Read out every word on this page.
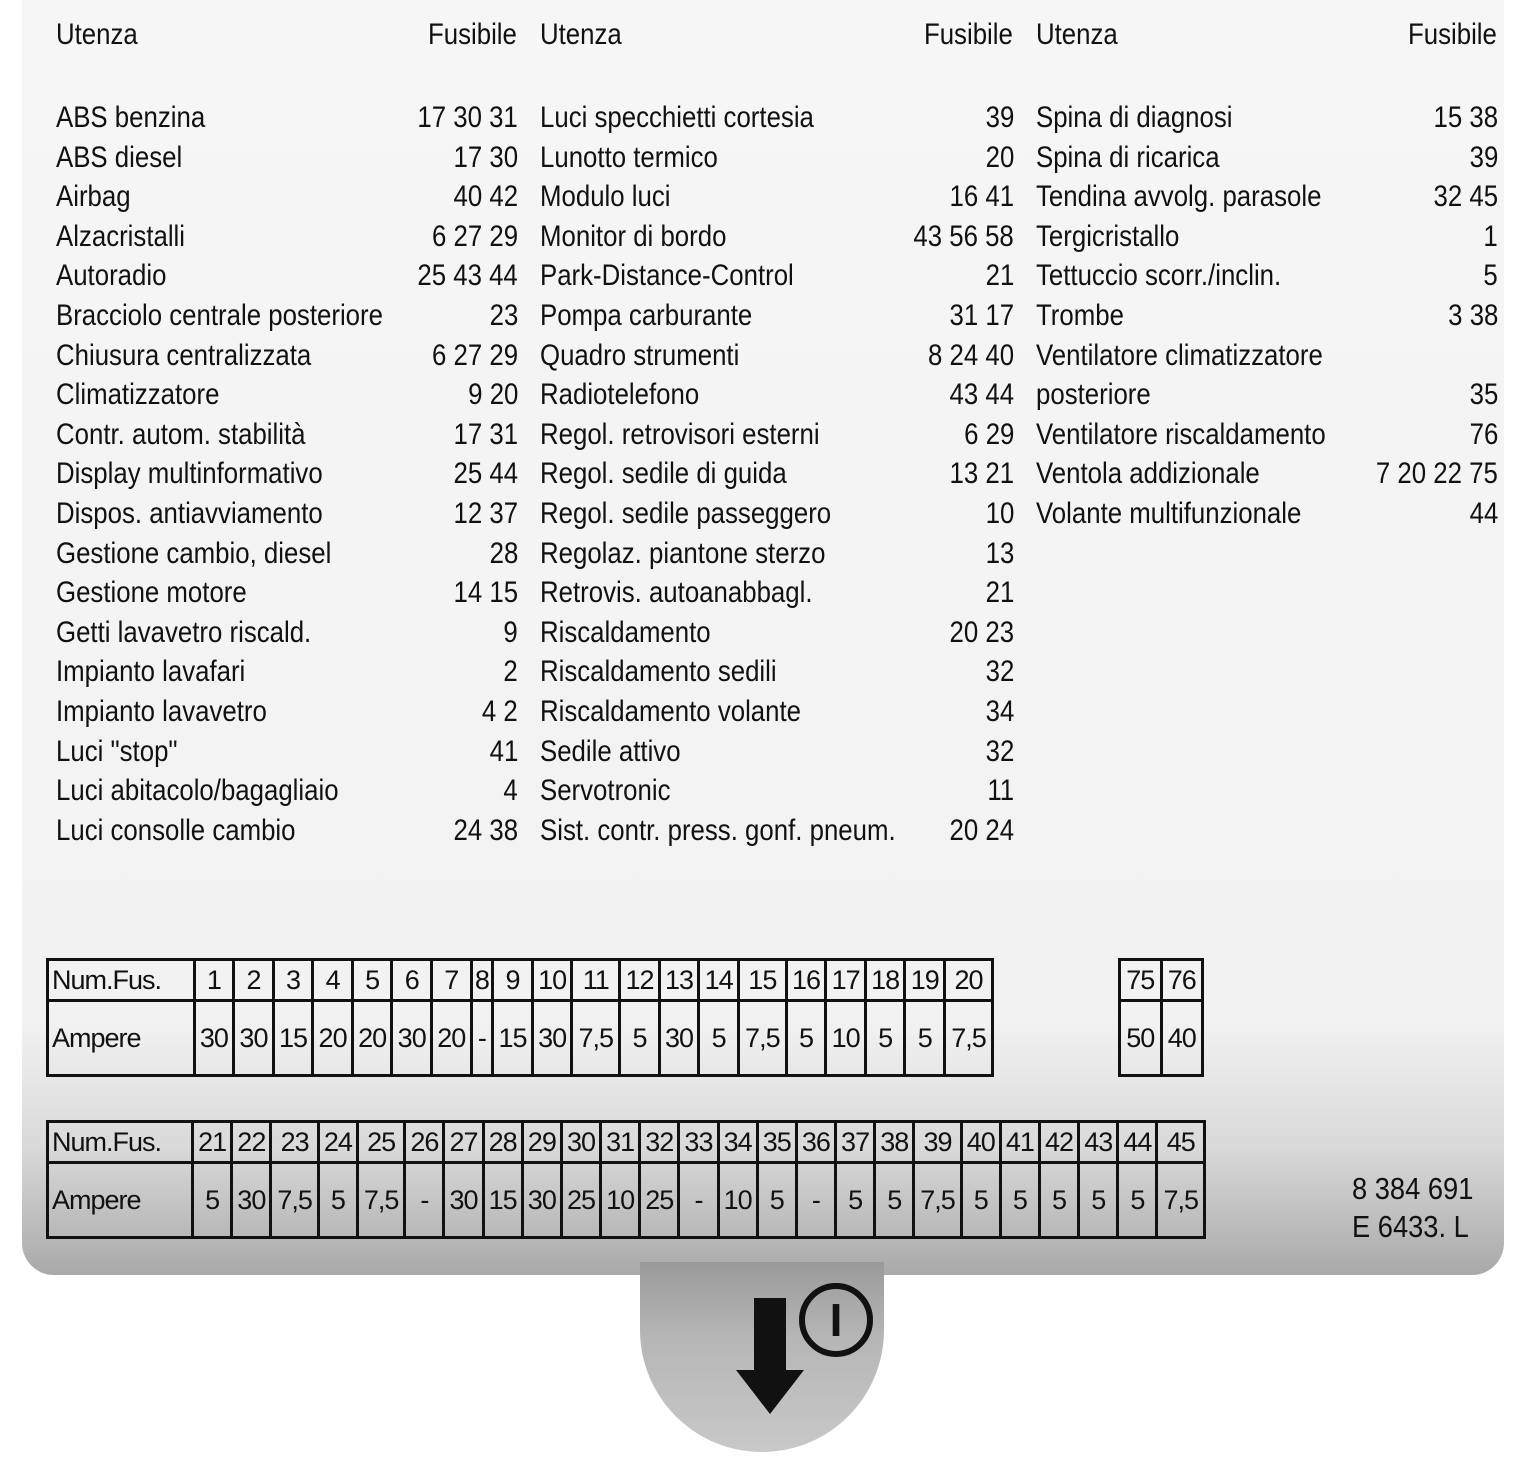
Utenza	Fusibile
ABS benzina	17 30 31
ABS diesel	17 30
Airbag	40 42
Alzacristalli	6 27 29
Autoradio	25 43 44
Bracciolo centrale posteriore	23
Chiusura centralizzata	6 27 29
Climatizzatore	9 20
Contr. autom. stabilità	17 31
Display multinformativo	25 44
Dispos. antiavviamento	12 37
Gestione cambio, diesel	28
Gestione motore	14 15
Getti lavavetro riscald.	9
Impianto lavafari	2
Impianto lavavetro	4 2
Luci "stop"	41
Luci abitacolo/bagagliaio	4
Luci consolle cambio	24 38
Utenza	Fusibile
Luci specchietti cortesia	39
Lunotto termico	20
Modulo luci	16 41
Monitor di bordo	43 56 58
Park-Distance-Control	21
Pompa carburante	31 17
Quadro strumenti	8 24 40
Radiotelefono	43 44
Regol. retrovisori esterni	6 29
Regol. sedile di guida	13 21
Regol. sedile passeggero	10
Regolaz. piantone sterzo	13
Retrovis. autoanabbagl.	21
Riscaldamento	20 23
Riscaldamento sedili	32
Riscaldamento volante	34
Sedile attivo	32
Servotronic	11
Sist. contr. press. gonf. pneum. 20 24
Utenza	Fusibile
Spina di diagnosi	15 38
Spina di ricarica	39
Tendina avvolg. parasole	32 45
Tergicristallo	1
Tettuccio scorr./inclin.	5
Trombe	3 38
Ventilatore climatizzatore
posteriore	35
Ventilatore riscaldamento	76
Ventola addizionale	7 20 22 75
Volante multifunzionale	44
8 384 691
E 6433. L
Num.Fus.	1	2	3	4	5	6	7	8	9	10	11	12	13	14	15	16	17	18	19	20
Ampere	30	30	15	20	20	30	20	-	15	30	7,5	5	30	5	7,5	5	10	5	5	7,5
75	76
50	40
Num.Fus.	21	22	23	24	25	26	27	28	29	30	31	32	33	34	35	36	37	38	39	40	41	42	43	44	45
Ampere	5	30	7,5	5	7,5	-	30	15	30	25	10	25	-	10	5	-	5	5	7,5	5	5	5	5	5	7,5
I
